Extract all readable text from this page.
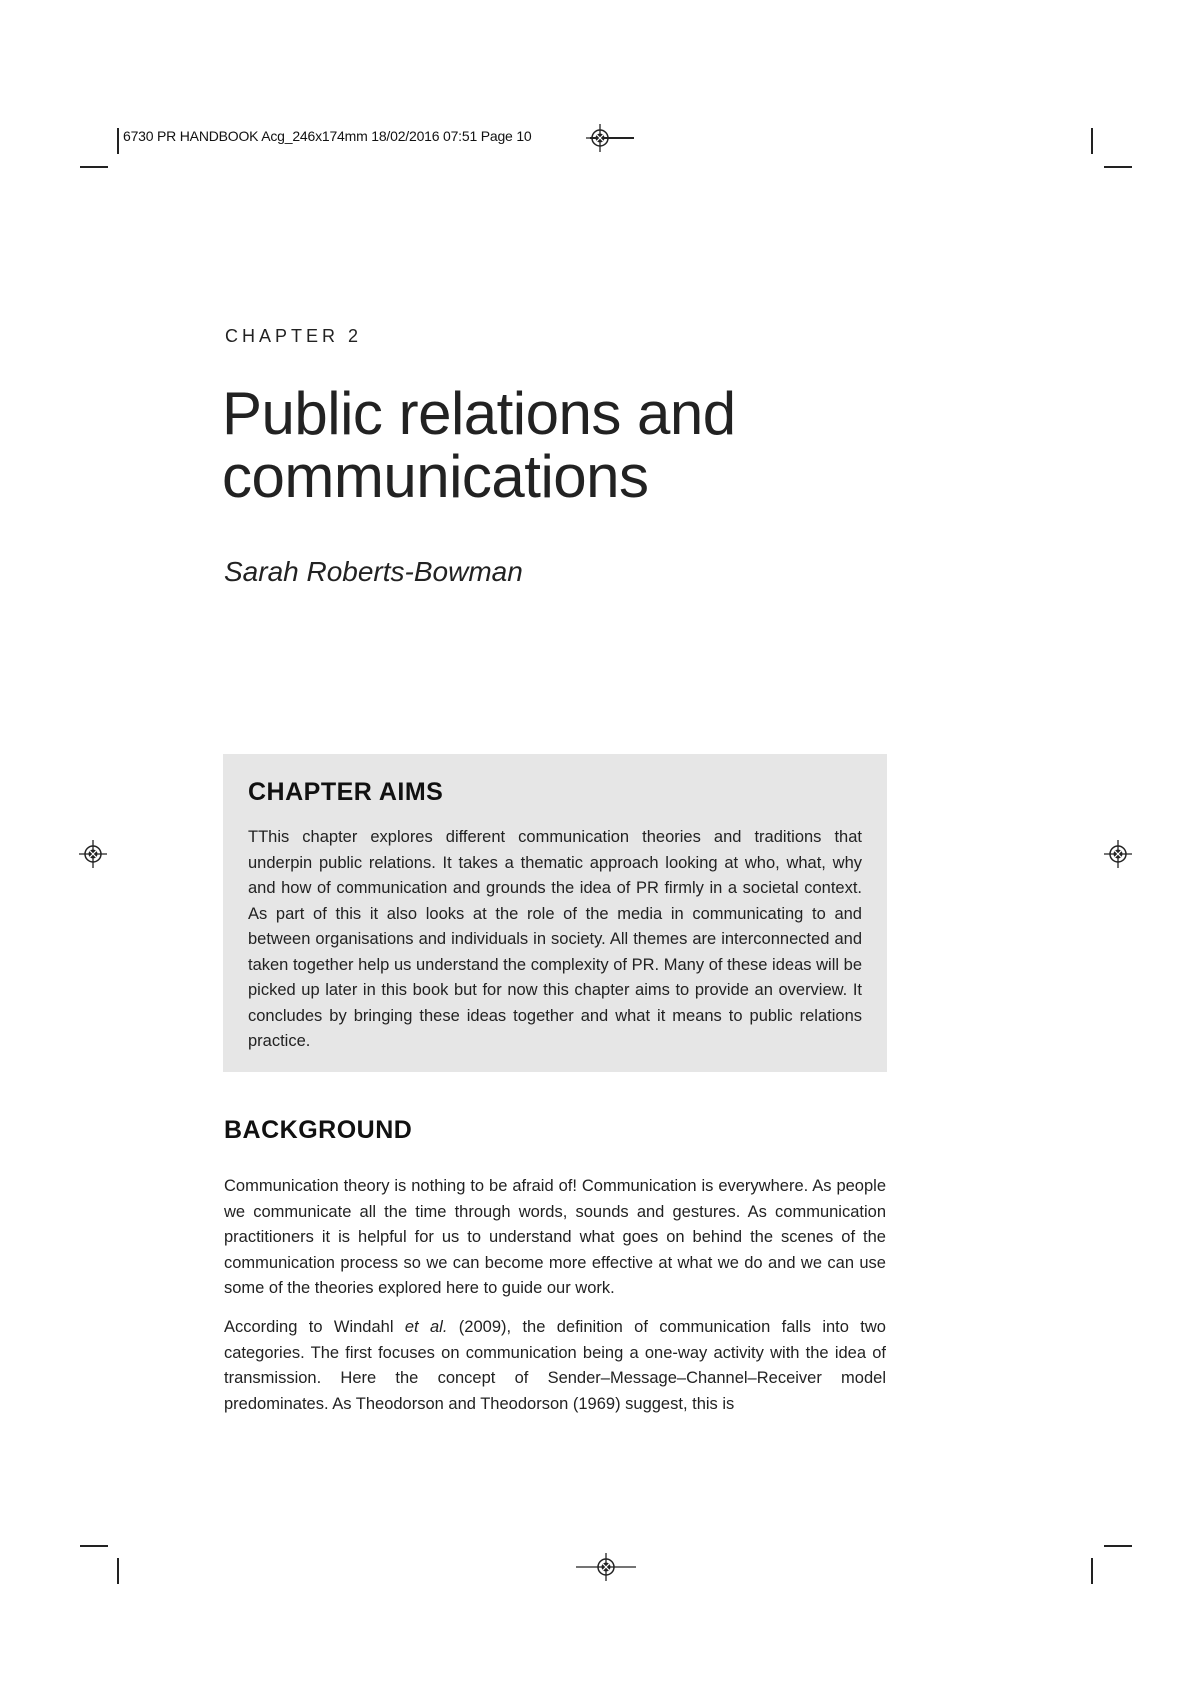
6730 PR HANDBOOK Acg_246x174mm 18/02/2016 07:51 Page 10
CHAPTER 2
Public relations and
communications

Sarah Roberts-Bowman

CHAPTER AIMS

TThis chapter explores different communication theories and traditions that underpin public relations. It takes a thematic approach looking at who, what, why and how of communication and grounds the idea of PR firmly in a societal context. As part of this it also looks at the role of the media in communicating to and between organisations and individuals in society. All themes are interconnected and taken together help us understand the complexity of PR. Many of these ideas will be picked up later in this book but for now this chapter aims to provide an overview. It concludes by bringing these ideas together and what it means to public relations practice.

BACKGROUND

Communication theory is nothing to be afraid of! Communication is everywhere. As people we communicate all the time through words, sounds and gestures. As communication practitioners it is helpful for us to understand what goes on behind the scenes of the communication process so we can become more effective at what we do and we can use some of the theories explored here to guide our work.

According to Windahl et al. (2009), the definition of communication falls into two categories. The first focuses on communication being a one-way activity with the idea of transmission. Here the concept of Sender–Message–Channel–Receiver model predominates. As Theodorson and Theodorson (1969) suggest, this is
